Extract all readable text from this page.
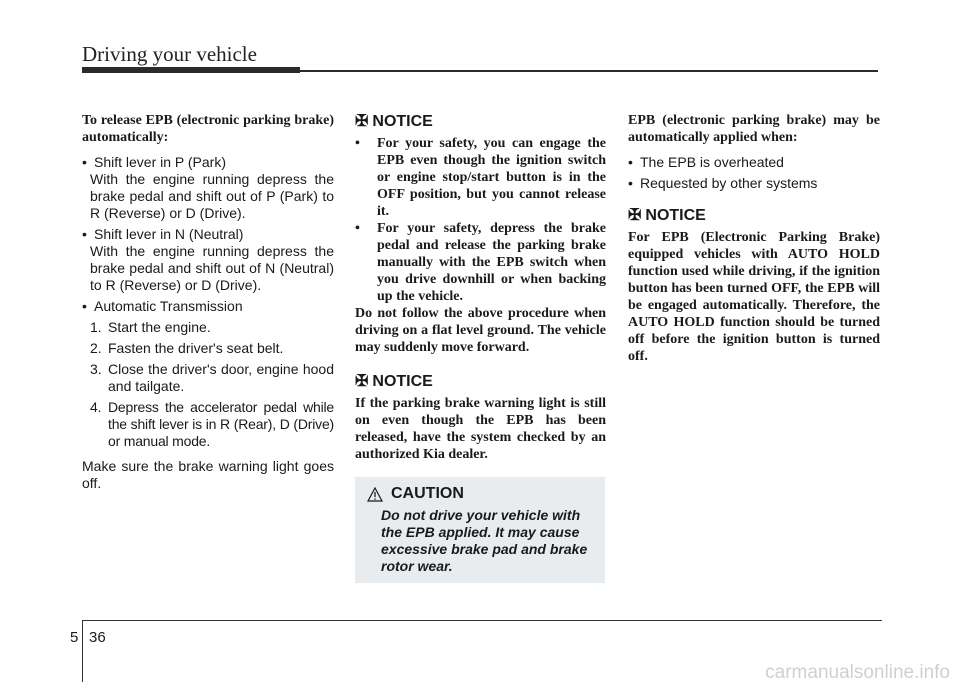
Driving your vehicle

To release EPB (electronic parking brake) automatically:

• Shift lever in P (Park)

With the engine running depress the brake pedal and shift out of P (Park) to R (Reverse) or D (Drive).

• Shift lever in N (Neutral)

With the engine running depress the brake pedal and shift out of N (Neutral) to R (Reverse) or D (Drive).

• Automatic Transmission

1. Start the engine.

2. Fasten the driver's seat belt.

3. Close the driver's door, engine hood and tailgate.

4. Depress the accelerator pedal while the shift lever is in R (Rear), D (Drive) or manual mode.

Make sure the brake warning light goes off.

✠ NOTICE

• For your safety, you can engage the EPB even though the ignition switch or engine stop/start button is in the OFF position, but you cannot release it.

• For your safety, depress the brake pedal and release the parking brake manually with the EPB switch when you drive downhill or when backing up the vehicle.

Do not follow the above procedure when driving on a flat level ground. The vehicle may suddenly move forward.

✠ NOTICE

If the parking brake warning light is still on even though the EPB has been released, have the system checked by an authorized Kia dealer.

CAUTION

Do not drive your vehicle with the EPB applied. It may cause excessive brake pad and brake rotor wear.

EPB (electronic parking brake) may be automatically applied when:

• The EPB is overheated

• Requested by other systems

✠ NOTICE

For EPB (Electronic Parking Brake) equipped vehicles with AUTO HOLD function used while driving, if the ignition button has been turned OFF, the EPB will be engaged automatically. Therefore, the AUTO HOLD function should be turned off before the ignition button is turned off.

5 36
carmanualsonline.info
